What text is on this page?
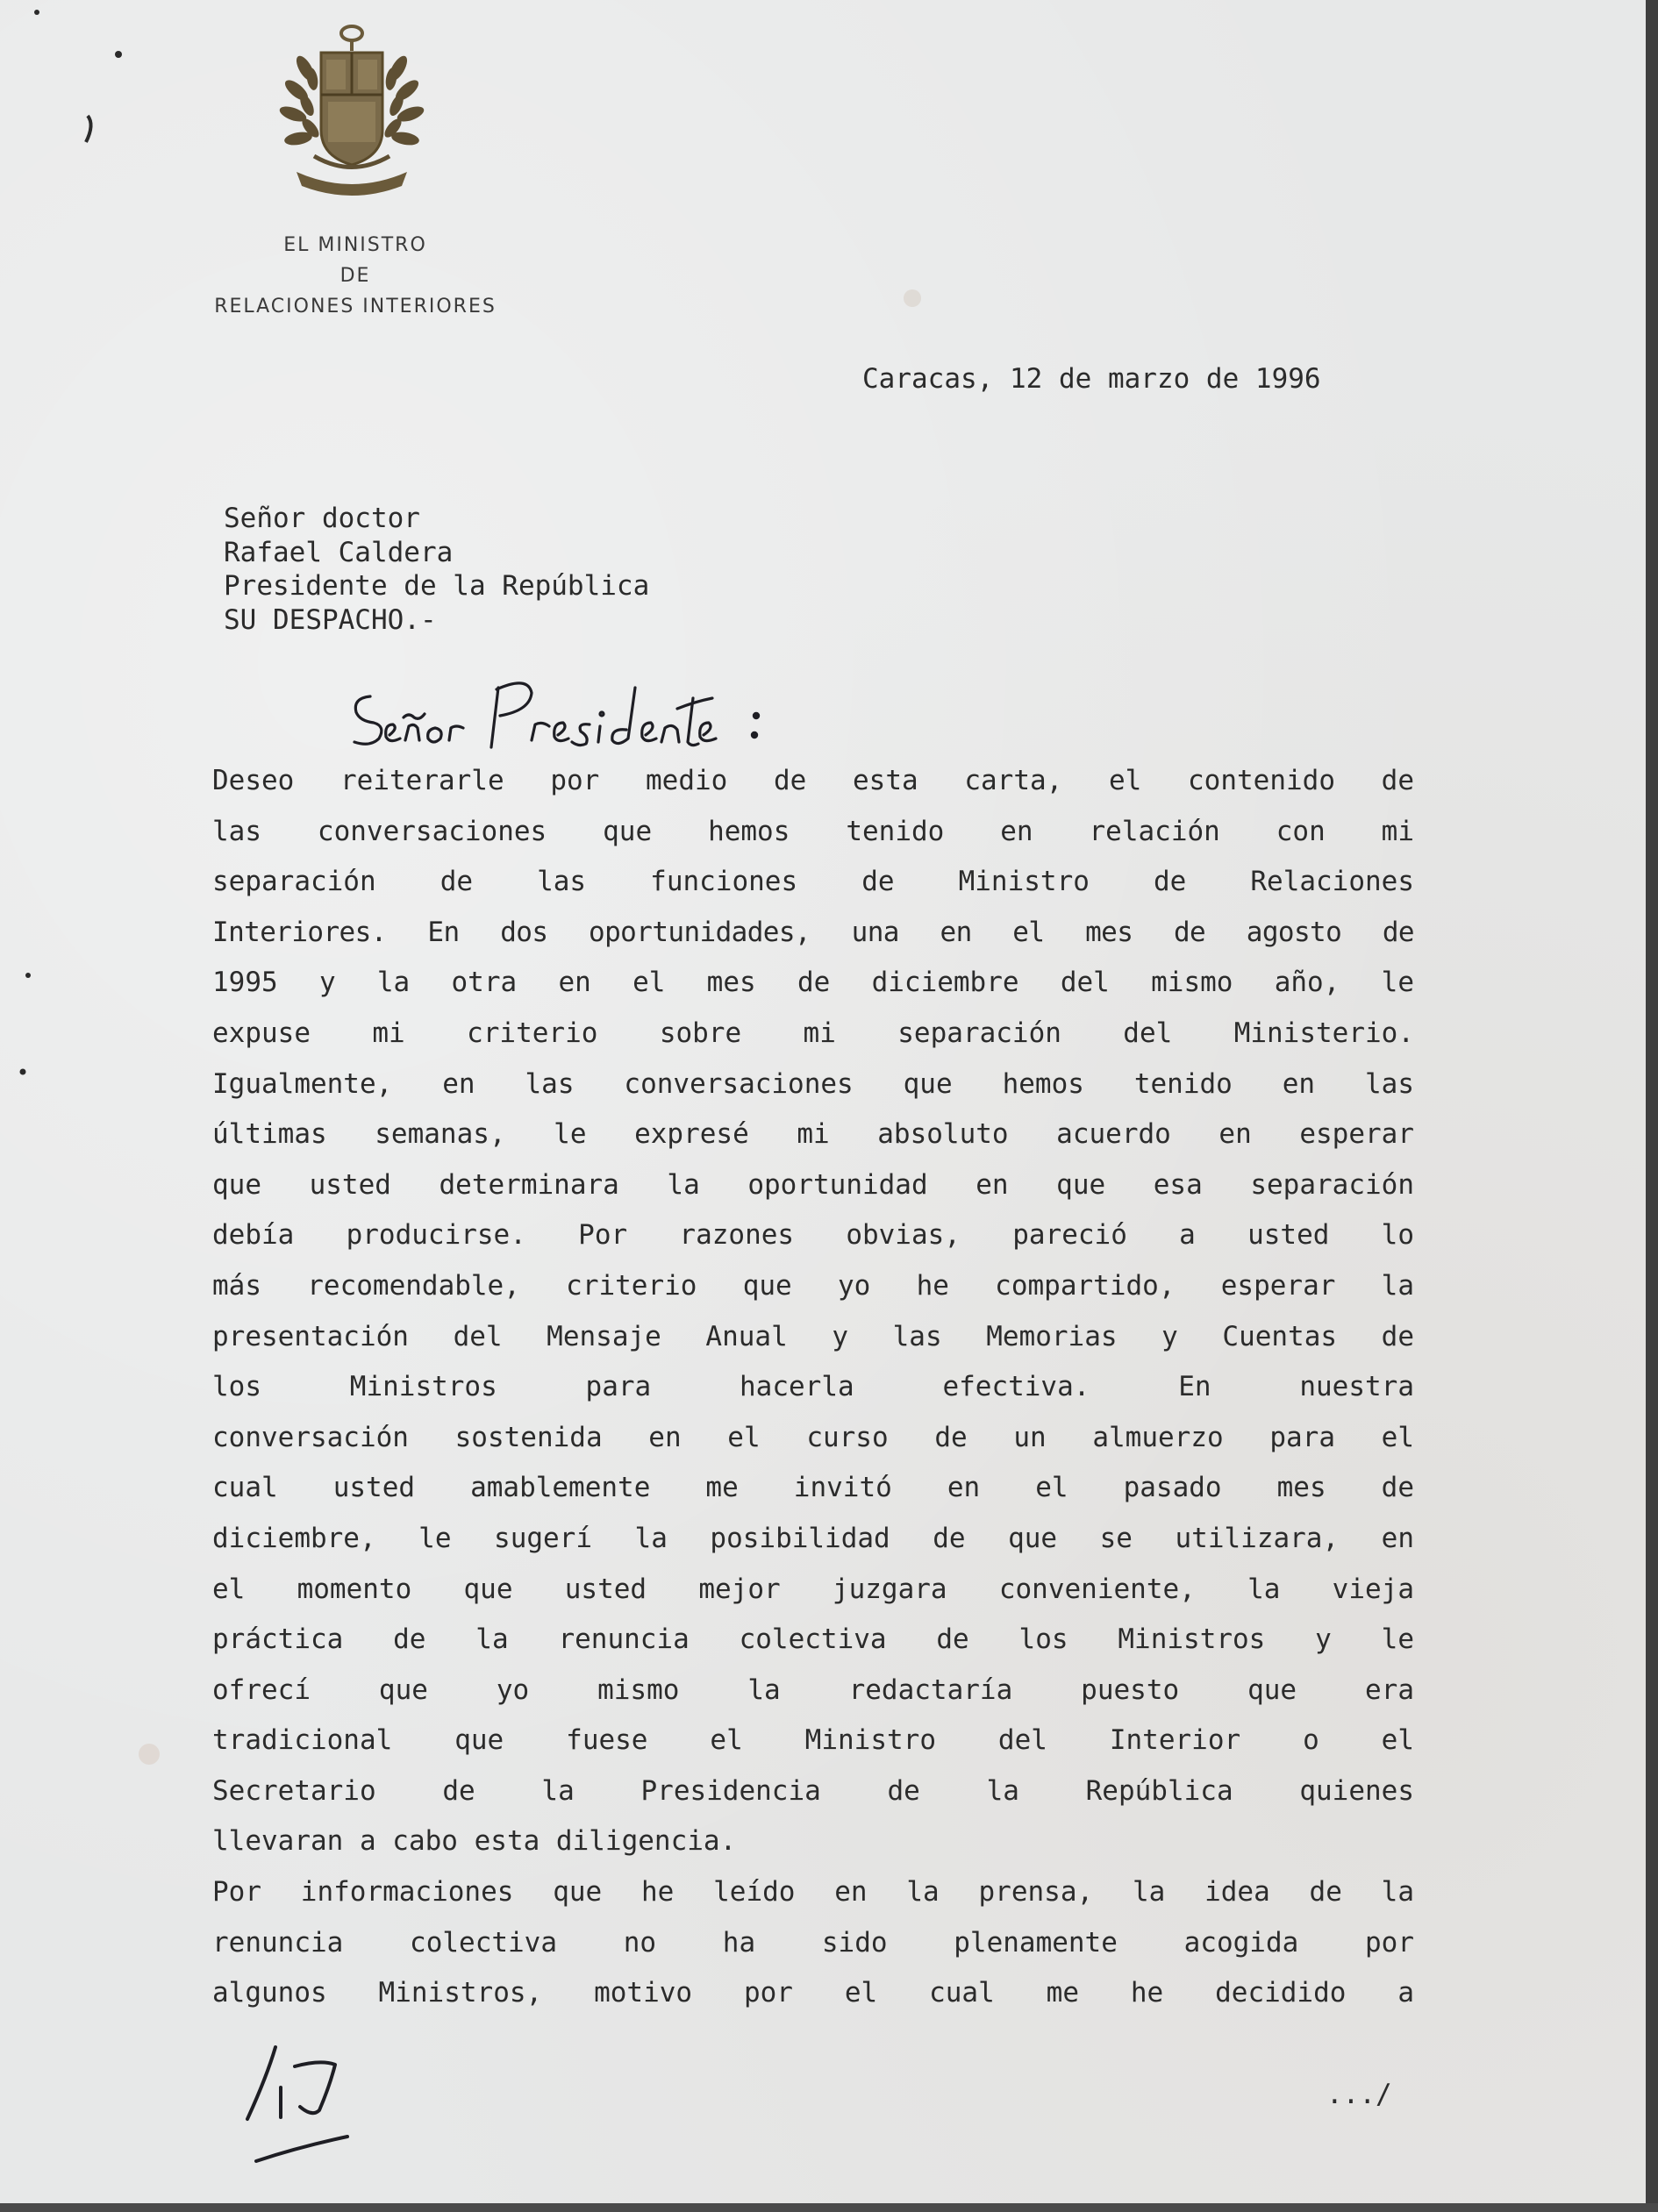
EL MINISTRO
DE
RELACIONES INTERIORES
Caracas, 12 de marzo de 1996
Señor doctor
Rafael Caldera
Presidente de la República
SU DESPACHO.-
Deseo reiterarle por medio de esta carta, el contenido de
las conversaciones que hemos tenido en relación con mi
separación de las funciones de Ministro de Relaciones
Interiores. En dos oportunidades, una en el mes de agosto de
1995 y la otra en el mes de diciembre del mismo año, le
expuse mi criterio sobre mi separación del Ministerio.
Igualmente, en las conversaciones que hemos tenido en las
últimas semanas, le expresé mi absoluto acuerdo en esperar
que usted determinara la oportunidad en que esa separación
debía producirse. Por razones obvias, pareció a usted lo
más recomendable, criterio que yo he compartido, esperar la
presentación del Mensaje Anual y las Memorias y Cuentas de
los Ministros para hacerla efectiva. En nuestra
conversación sostenida en el curso de un almuerzo para el
cual usted amablemente me invitó en el pasado mes de
diciembre, le sugerí la posibilidad de que se utilizara, en
el momento que usted mejor juzgara conveniente, la vieja
práctica de la renuncia colectiva de los Ministros y le
ofrecí que yo mismo la redactaría puesto que era
tradicional que fuese el Ministro del Interior o el
Secretario de la Presidencia de la República quienes
llevaran a cabo esta diligencia.
Por informaciones que he leído en la prensa, la idea de la
renuncia colectiva no ha sido plenamente acogida por
algunos Ministros, motivo por el cual me he decidido a
.../
